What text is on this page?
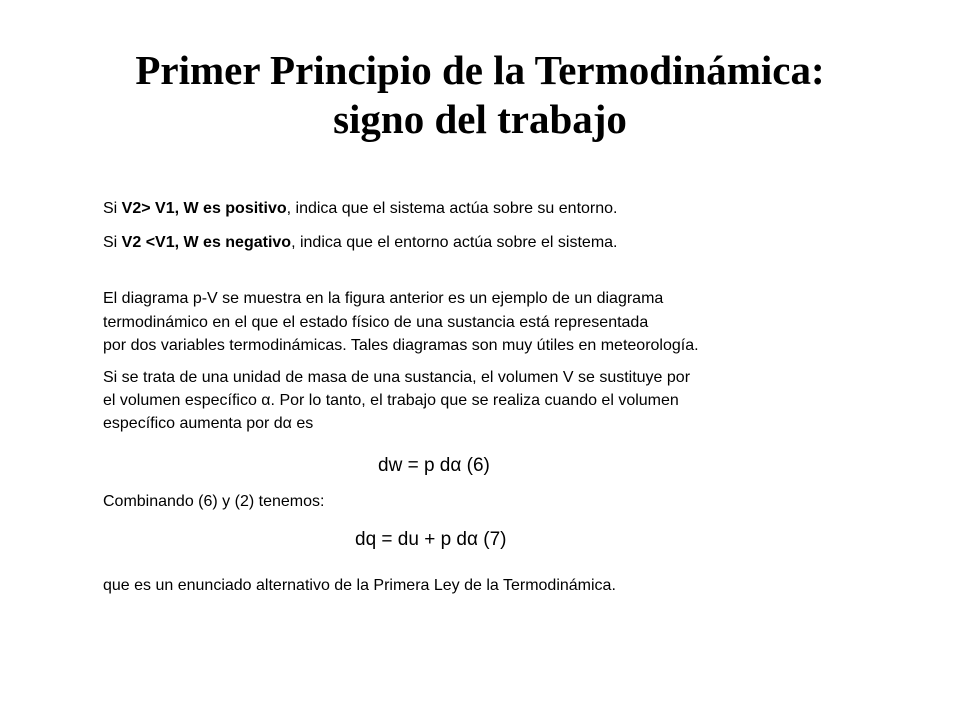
Primer Principio de la Termodinámica:
signo del trabajo
Si V2> V1, W es positivo, indica que el sistema actúa sobre su entorno.
Si V2 <V1, W es negativo, indica que el entorno actúa sobre el sistema.
El diagrama p-V se muestra en la figura anterior es un ejemplo de un diagrama
termodinámico en el que el estado físico de una sustancia está representada
por dos variables termodinámicas. Tales diagramas son muy útiles en meteorología.
Si se trata de una unidad de masa de una sustancia, el volumen V se sustituye por
el volumen específico α. Por lo tanto, el trabajo que se realiza cuando el volumen
específico aumenta por dα es
dw = p dα (6)
Combinando (6) y (2) tenemos:
dq = du + p dα (7)
que es un enunciado alternativo de la Primera Ley de la Termodinámica.
